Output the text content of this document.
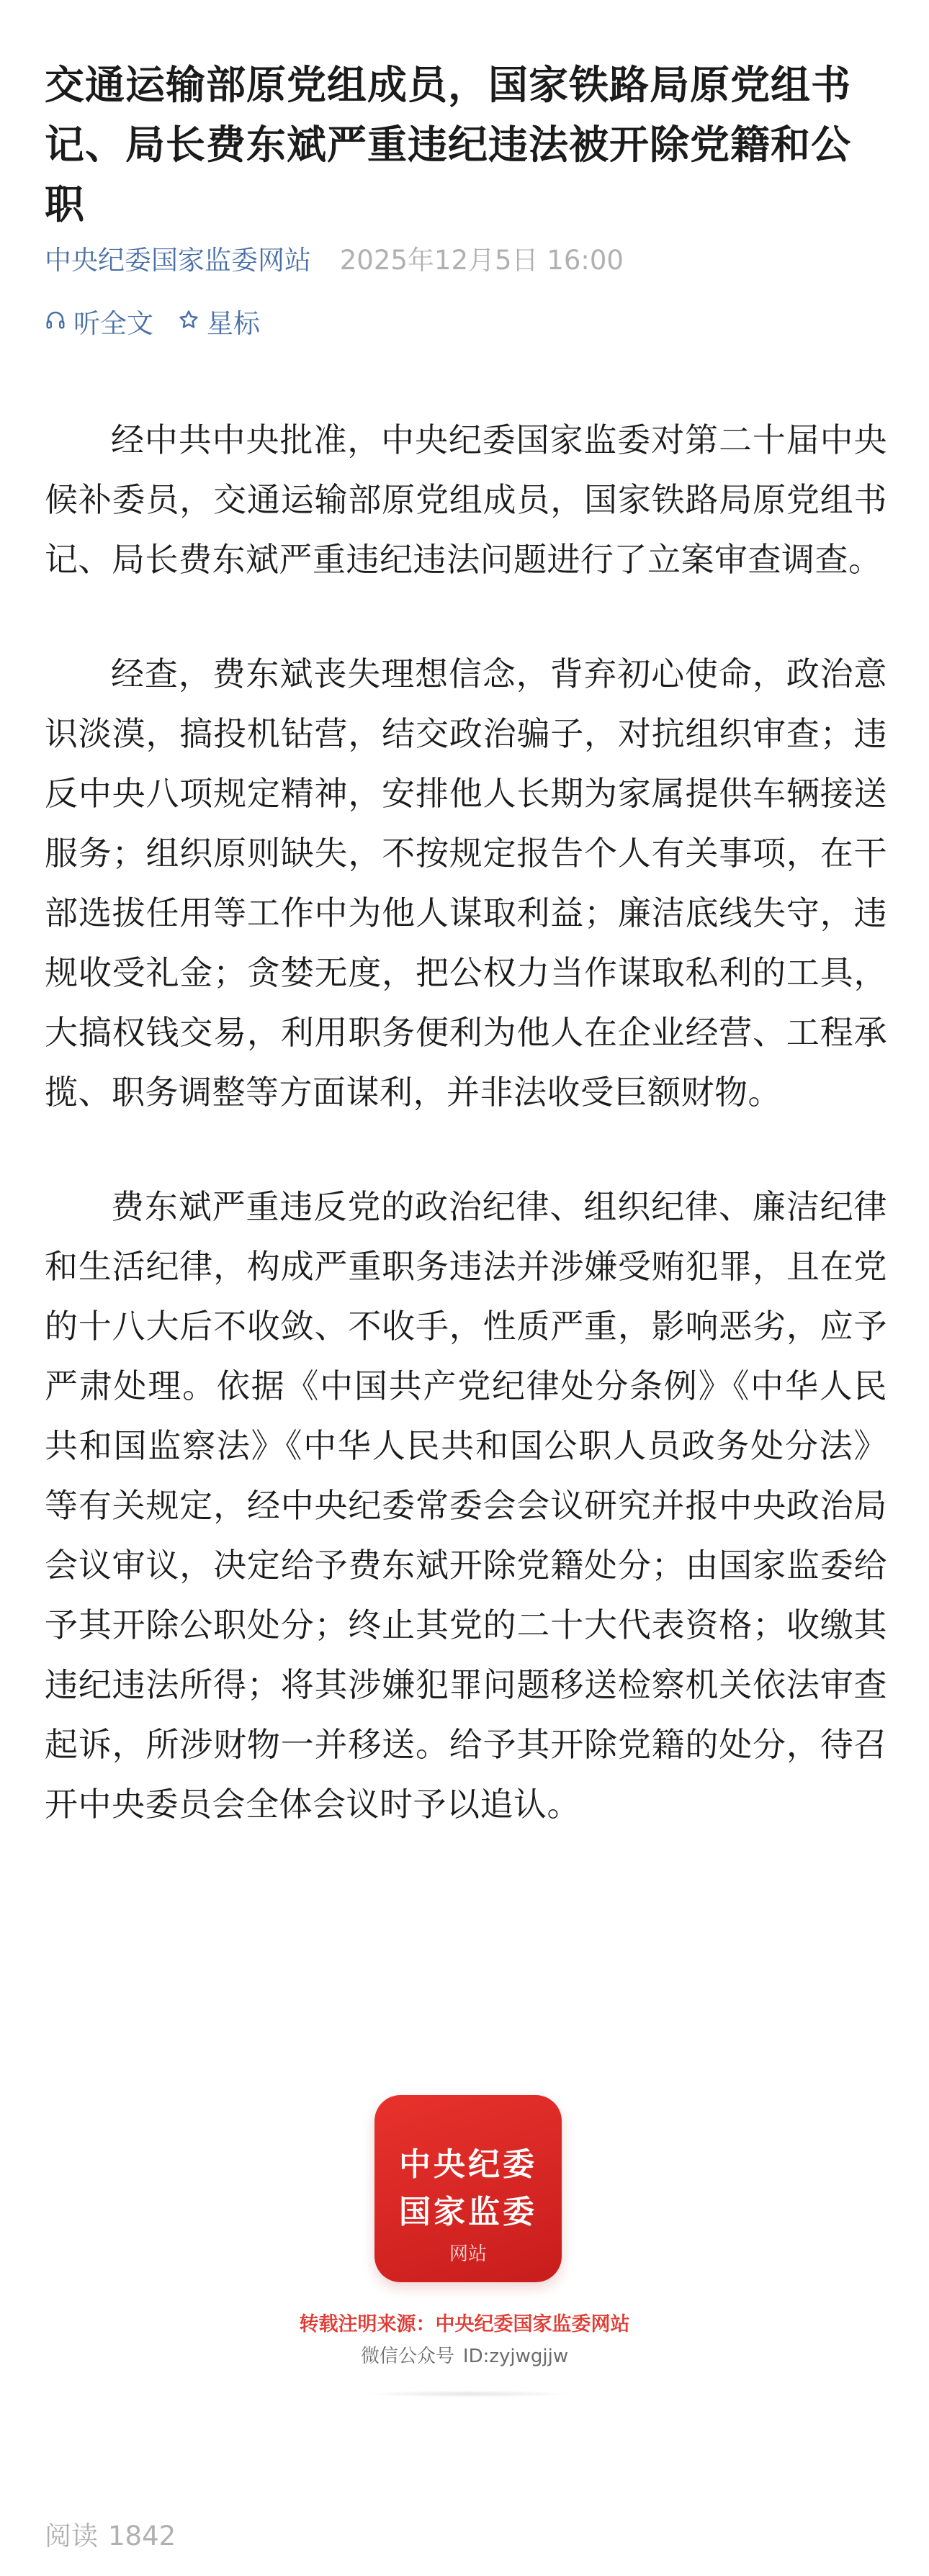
交通运输部原党组成员，国家铁路局原党组书记、局长费东斌严重违纪违法被开除党籍和公职
中央纪委国家监委网站 2025年12月5日 16:00
听全文 星标

经中共中央批准，中央纪委国家监委对第二十届中央候补委员，交通运输部原党组成员，国家铁路局原党组书记、局长费东斌严重违纪违法问题进行了立案审查调查。

经查，费东斌丧失理想信念，背弃初心使命，政治意识淡漠，搞投机钻营，结交政治骗子，对抗组织审查；违反中央八项规定精神，安排他人长期为家属提供车辆接送服务；组织原则缺失，不按规定报告个人有关事项，在干部选拔任用等工作中为他人谋取利益；廉洁底线失守，违规收受礼金；贪婪无度，把公权力当作谋取私利的工具，大搞权钱交易，利用职务便利为他人在企业经营、工程承揽、职务调整等方面谋利，并非法收受巨额财物。

费东斌严重违反党的政治纪律、组织纪律、廉洁纪律和生活纪律，构成严重职务违法并涉嫌受贿犯罪，且在党的十八大后不收敛、不收手，性质严重，影响恶劣，应予严肃处理。依据《中国共产党纪律处分条例》《中华人民共和国监察法》《中华人民共和国公职人员政务处分法》等有关规定，经中央纪委常委会会议研究并报中央政治局会议审议，决定给予费东斌开除党籍处分；由国家监委给予其开除公职处分；终止其党的二十大代表资格；收缴其违纪违法所得；将其涉嫌犯罪问题移送检察机关依法审查起诉，所涉财物一并移送。给予其开除党籍的处分，待召开中央委员会全体会议时予以追认。

中央纪委
国家监委
网站
转载注明来源：中央纪委国家监委网站
微信公众号 ID:zyjwgjjw
阅读 1842
